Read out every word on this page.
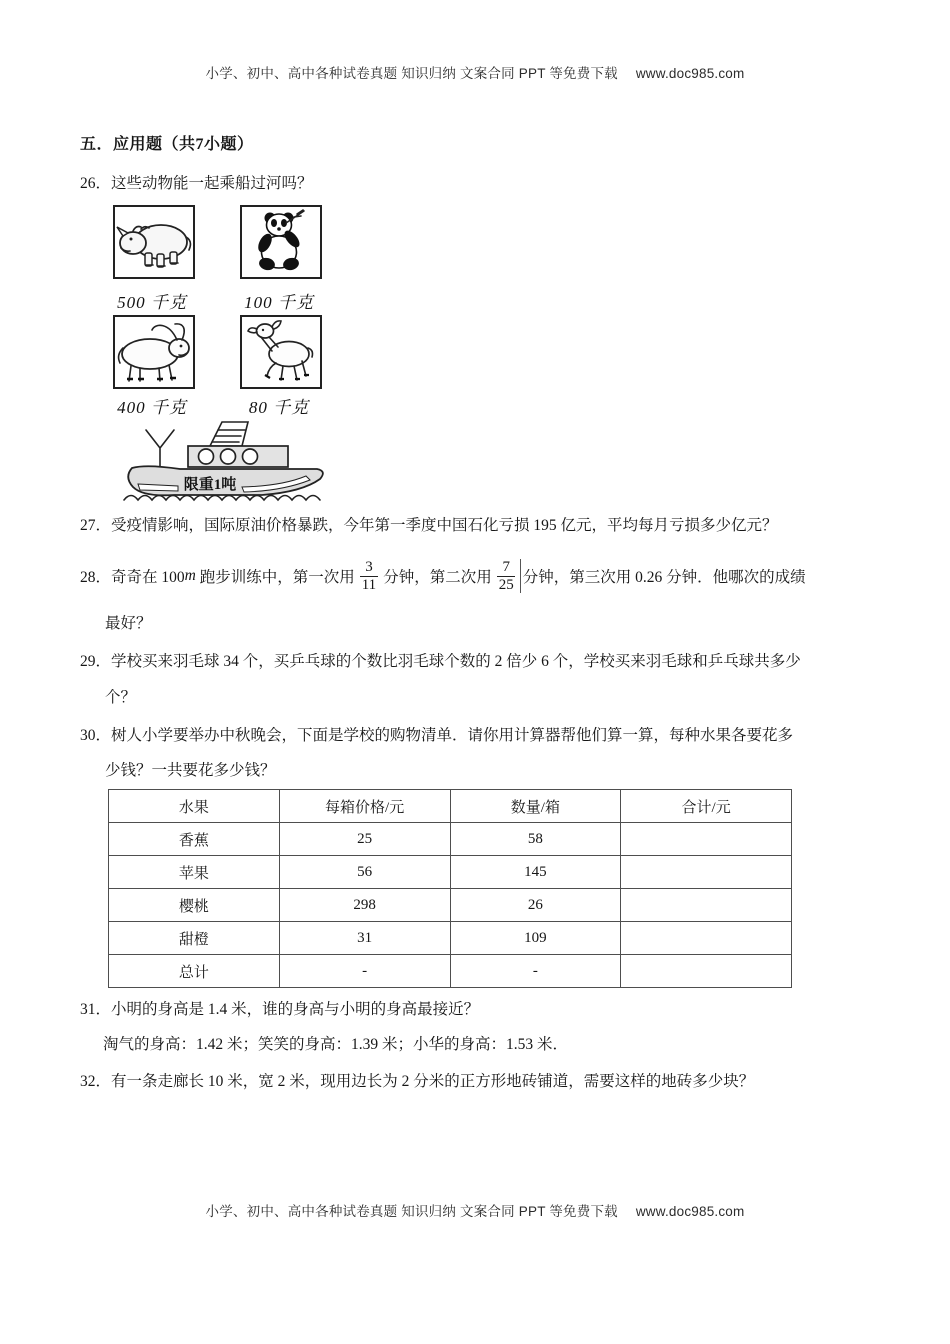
小学、初中、高中各种试卷真题 知识归纳 文案合同 PPT 等免费下载 www.doc985.com
五．应用题（共7小题）
26．这些动物能一起乘船过河吗？
500 千克	100 千克
400 千克	80 千克
限重1吨
27．受疫情影响，国际原油价格暴跌，今年第一季度中国石化亏损 195 亿元，平均每月亏损多少亿元？
28．奇奇在 100 m 跑步训练中，第一次用 $\frac{3}{11}$ 分钟，第二次用 $\frac{7}{25}$ 分钟，第三次用 0.26 分钟．他哪次的成绩
最好？
29．学校买来羽毛球 34 个，买乒乓球的个数比羽毛球个数的 2 倍少 6 个，学校买来羽毛球和乒乓球共多少
个？
30．树人小学要举办中秋晚会，下面是学校的购物清单．请你用计算器帮他们算一算，每种水果各要花多
少钱？一共要花多少钱？
水果	每箱价格/元	数量/箱	合计/元
香蕉	25	58	
苹果	56	145	
樱桃	298	26	
甜橙	31	109	
总计	-	-	
31．小明的身高是 1.4 米，谁的身高与小明的身高最接近？
淘气的身高：1.42 米；笑笑的身高：1.39 米；小华的身高：1.53 米．
32．有一条走廊长 10 米，宽 2 米，现用边长为 2 分米的正方形地砖铺道，需要这样的地砖多少块？
小学、初中、高中各种试卷真题 知识归纳 文案合同 PPT 等免费下载 www.doc985.com
